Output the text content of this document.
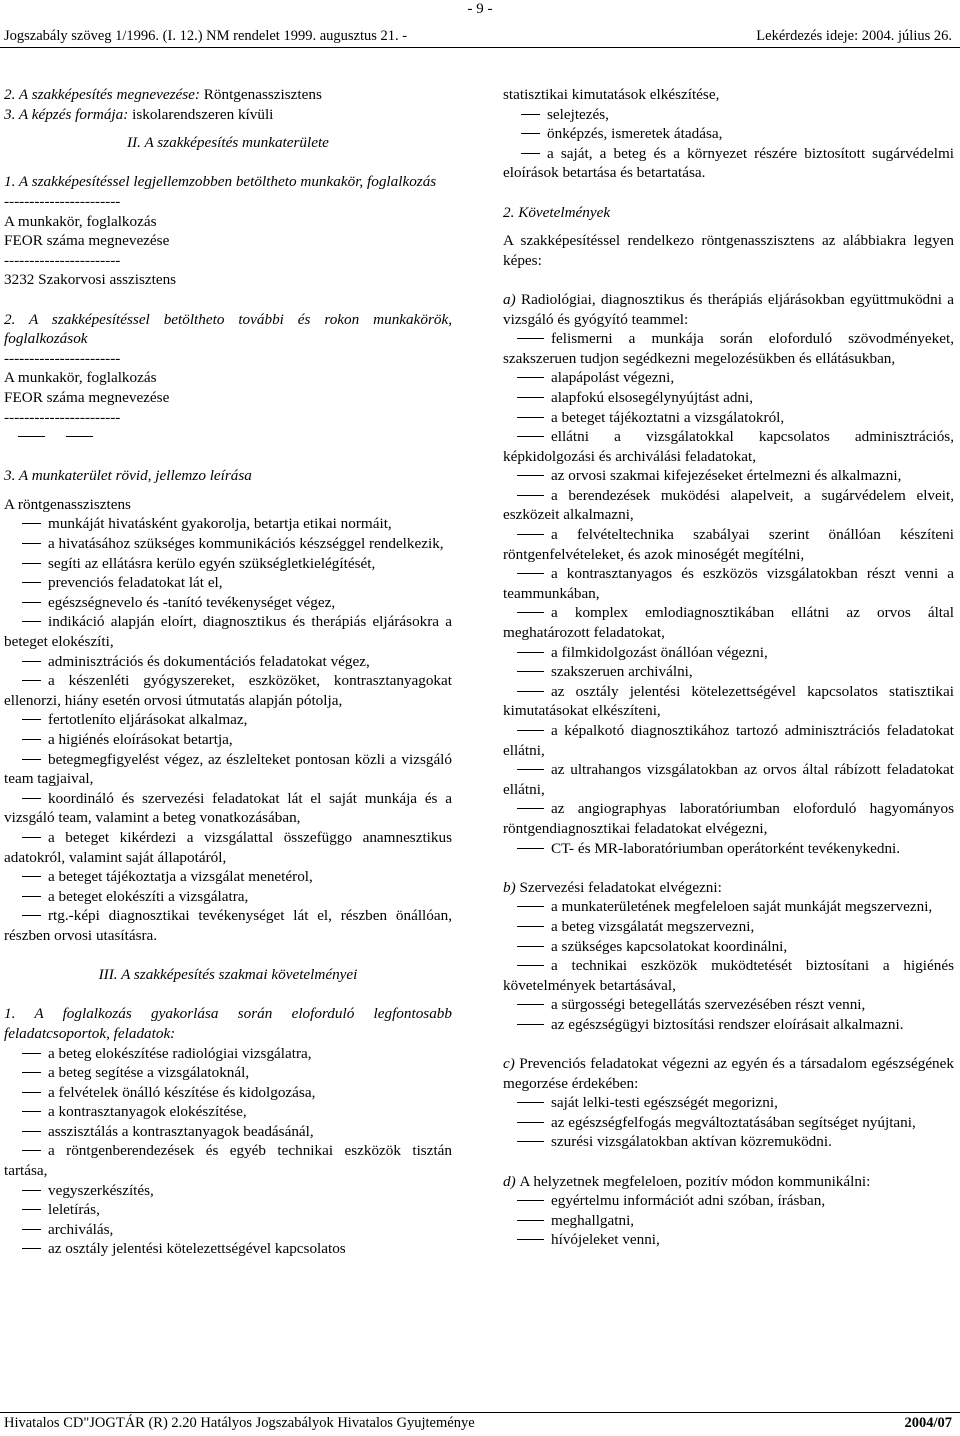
- 9 -
Jogszabály szöveg 1/1996. (I. 12.) NM rendelet 1999. augusztus 21. -	Lekérdezés ideje: 2004. július 26.

2. A szakképesítés megnevezése: Röntgenasszisztens

3. A képzés formája: iskolarendszeren kívüli

II. A szakképesítés munkaterülete

1. A szakképesítéssel legjellemzobben betöltheto munkakör, foglalkozás

-----------------------

A munkakör, foglalkozás

FEOR száma megnevezése

-----------------------

3232 Szakorvosi asszisztens

2. A szakképesítéssel betöltheto további és rokon munkakörök, foglalkozások

-----------------------

A munkakör, foglalkozás

FEOR száma megnevezése

-----------------------

3. A munkaterület rövid, jellemzo leírása

A röntgenasszisztens

munkáját hivatásként gyakorolja, betartja etikai normáit,

a hivatásához szükséges kommunikációs készséggel rendelkezik,

segíti az ellátásra kerülo egyén szükségletkielégítését,

prevenciós feladatokat lát el,

egészségnevelo és -tanító tevékenységet végez,

indikáció alapján eloírt, diagnosztikus és therápiás eljárásokra a beteget elokészíti,

adminisztrációs és dokumentációs feladatokat végez,

a készenléti gyógyszereket, eszközöket, kontrasztanyagokat ellenorzi, hiány esetén orvosi útmutatás alapján pótolja,

fertotleníto eljárásokat alkalmaz,

a higiénés eloírásokat betartja,

betegmegfigyelést végez, az észlelteket pontosan közli a vizsgáló team tagjaival,

koordináló és szervezési feladatokat lát el saját munkája és a vizsgáló team, valamint a beteg vonatkozásában,

a beteget kikérdezi a vizsgálattal összefüggo anamnesztikus adatokról, valamint saját állapotáról,

a beteget tájékoztatja a vizsgálat menetérol,

a beteget elokészíti a vizsgálatra,

rtg.-képi diagnosztikai tevékenységet lát el, részben önállóan, részben orvosi utasításra.

III. A szakképesítés szakmai követelményei

1. A foglalkozás gyakorlása során eloforduló legfontosabb feladatcsoportok, feladatok:

a beteg elokészítése radiológiai vizsgálatra,

a beteg segítése a vizsgálatoknál,

a felvételek önálló készítése és kidolgozása,

a kontrasztanyagok elokészítése,

asszisztálás a kontrasztanyagok beadásánál,

a röntgenberendezések és egyéb technikai eszközök tisztán tartása,

vegyszerkészítés,

leletírás,

archiválás,

az osztály jelentési kötelezettségével kapcsolatos

statisztikai kimutatások elkészítése,

selejtezés,

önképzés, ismeretek átadása,

a saját, a beteg és a környezet részére biztosított sugárvédelmi eloírások betartása és betartatása.

2. Követelmények

A szakképesítéssel rendelkezo röntgenasszisztens az alábbiakra legyen képes:

a) Radiológiai, diagnosztikus és therápiás eljárásokban együttmuködni a vizsgáló és gyógyító teammel:

felismerni a munkája során eloforduló szövodményeket, szakszeruen tudjon segédkezni megelozésükben és ellátásukban,

alapápolást végezni,

alapfokú elsosegélynyújtást adni,

a beteget tájékoztatni a vizsgálatokról,

ellátni a vizsgálatokkal kapcsolatos adminisztrációs, képkidolgozási és archiválási feladatokat,

az orvosi szakmai kifejezéseket értelmezni és alkalmazni,

a berendezések muködési alapelveit, a sugárvédelem elveit, eszközeit alkalmazni,

a felvételtechnika szabályai szerint önállóan készíteni röntgenfelvételeket, és azok minoségét megítélni,

a kontrasztanyagos és eszközös vizsgálatokban részt venni a teammunkában,

a komplex emlodiagnosztikában ellátni az orvos által meghatározott feladatokat,

a filmkidolgozást önállóan végezni,

szakszeruen archiválni,

az osztály jelentési kötelezettségével kapcsolatos statisztikai kimutatásokat elkészíteni,

a képalkotó diagnosztikához tartozó adminisztrációs feladatokat ellátni,

az ultrahangos vizsgálatokban az orvos által rábízott feladatokat ellátni,

az angiographyas laboratóriumban eloforduló hagyományos röntgendiagnosztikai feladatokat elvégezni,

CT- és MR-laboratóriumban operátorként tevékenykedni.

b) Szervezési feladatokat elvégezni:

a munkaterületének megfeleloen saját munkáját megszervezni,

a beteg vizsgálatát megszervezni,

a szükséges kapcsolatokat koordinálni,

a technikai eszközök muködtetését biztosítani a higiénés követelmények betartásával,

a sürgosségi betegellátás szervezésében részt venni,

az egészségügyi biztosítási rendszer eloírásait alkalmazni.

c) Prevenciós feladatokat végezni az egyén és a társadalom egészségének megorzése érdekében:

saját lelki-testi egészségét megorizni,

az egészségfelfogás megváltoztatásában segítséget nyújtani,

szurési vizsgálatokban aktívan közremuködni.

d) A helyzetnek megfeleloen, pozitív módon kommunikálni:

egyértelmu információt adni szóban, írásban,

meghallgatni,

hívójeleket venni,

Hivatalos CD"JOGTÁR (R) 2.20 Hatályos Jogszabályok Hivatalos Gyujteménye	2004/07
